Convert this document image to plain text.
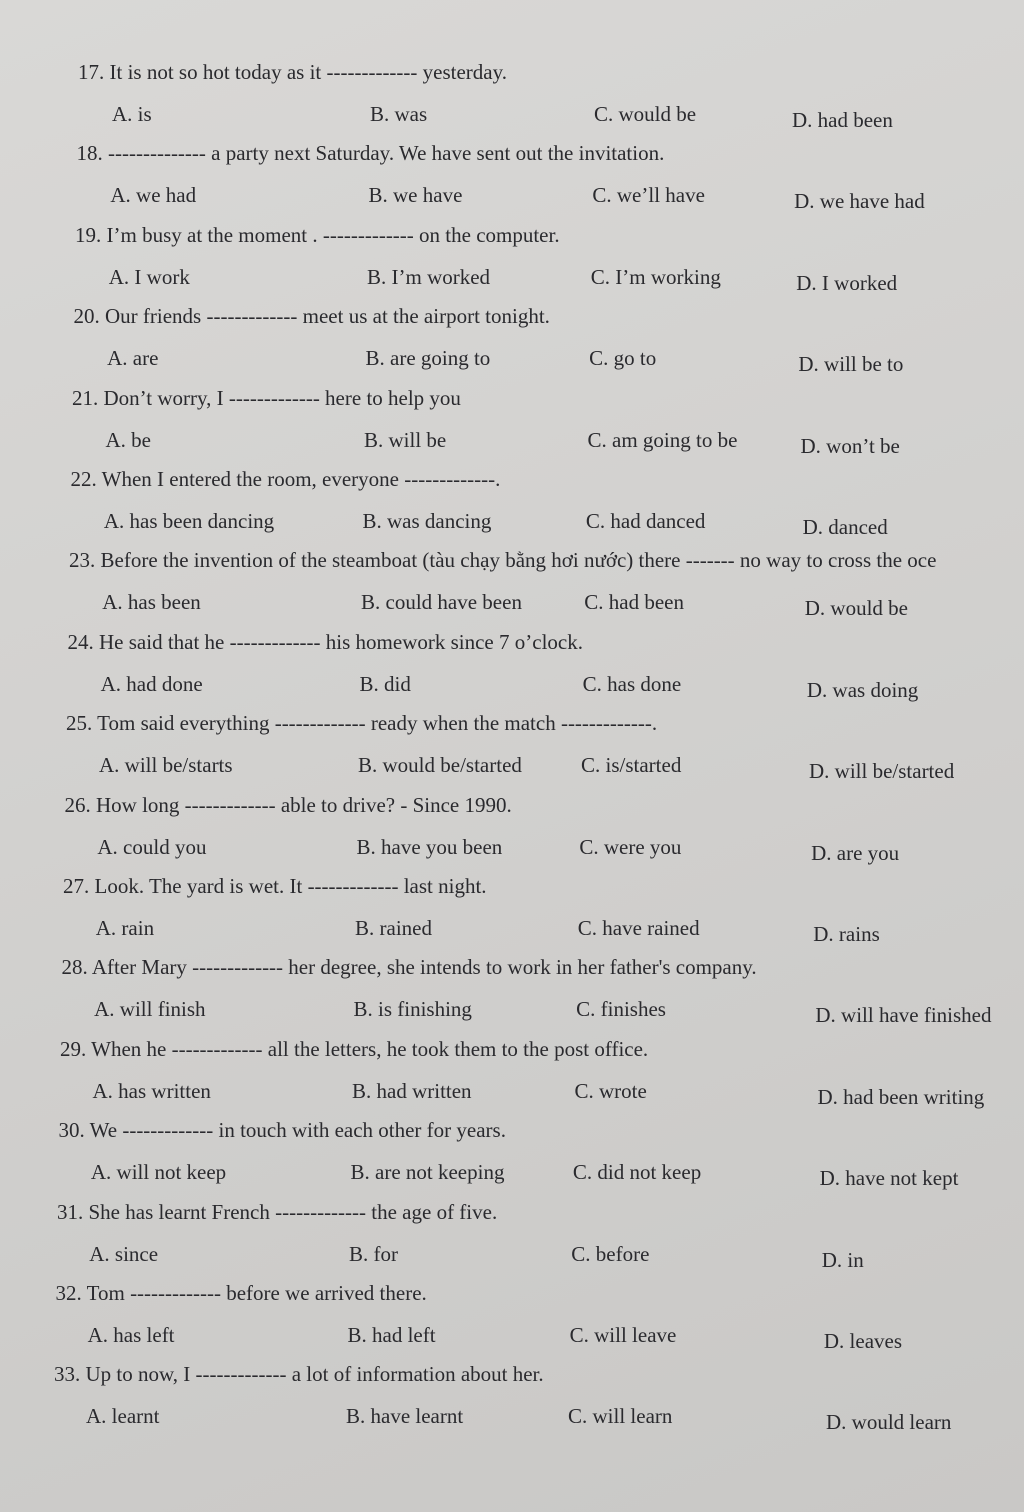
17. It is not so hot today as it ------------- yesterday.
A. is	B. was	C. would be	D. had been
18. -------------- a party next Saturday. We have sent out the invitation.
A. we had	B. we have	C. we’ll have	D. we have had
19. I’m busy at the moment . ------------- on the computer.
A. I work	B. I’m worked	C. I’m working	D. I worked
20. Our friends ------------- meet us at the airport tonight.
A. are	B. are going to	C. go to	D. will be to
21. Don’t worry, I ------------- here to help you
A. be	B. will be	C. am going to be	D. won’t be
22. When I entered the room, everyone -------------.
A. has been dancing	B. was dancing	C. had danced	D. danced
23. Before the invention of the steamboat (tàu chạy bằng hơi nước) there ------- no way to cross the oce
A. has been	B. could have been	C. had been	D. would be
24. He said that he ------------- his homework since 7 o’clock.
A. had done	B. did	C. has done	D. was doing
25. Tom said everything ------------- ready when the match -------------.
A. will be/starts	B. would be/started	C. is/started	D. will be/started
26. How long ------------- able to drive? - Since 1990.
A. could you	B. have you been	C. were you	D. are you
27. Look. The yard is wet. It ------------- last night.
A. rain	B. rained	C. have rained	D. rains
28. After Mary ------------- her degree, she intends to work in her father's company.
A. will finish	B. is finishing	C. finishes	D. will have finished
29. When he ------------- all the letters, he took them to the post office.
A. has written	B. had written	C. wrote	D. had been writing
30. We ------------- in touch with each other for years.
A. will not keep	B. are not keeping	C. did not keep	D. have not kept
31. She has learnt French ------------- the age of five.
A. since	B. for	C. before	D. in
32. Tom ------------- before we arrived there.
A. has left	B. had left	C. will leave	D. leaves
33. Up to now, I ------------- a lot of information about her.
A. learnt	B. have learnt	C. will learn	D. would learn
